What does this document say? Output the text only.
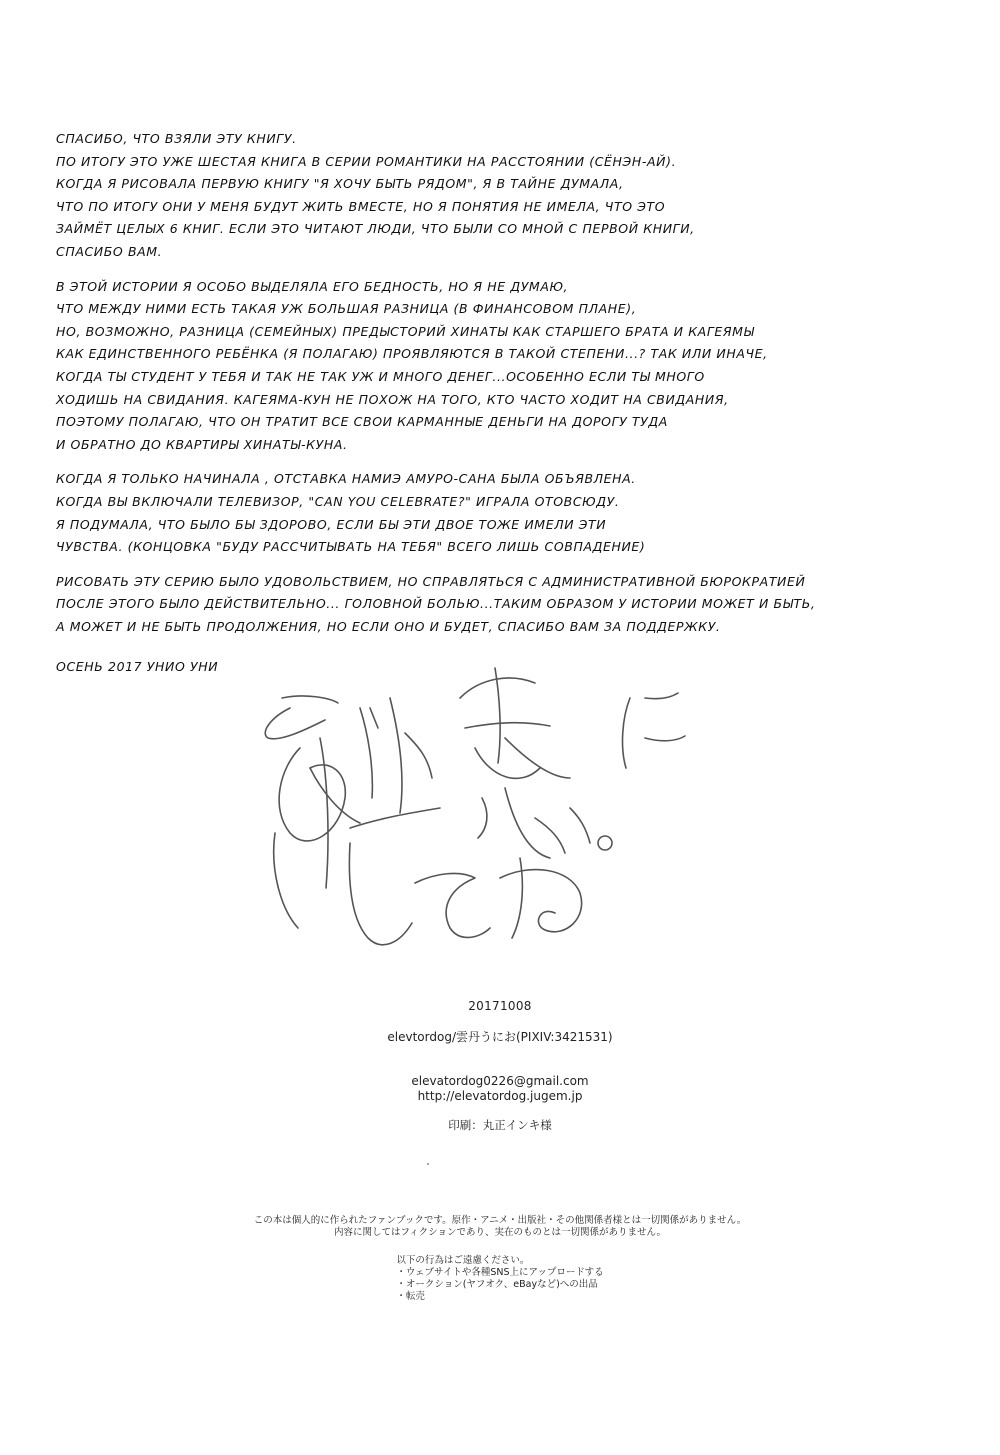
СПАСИБО, ЧТО ВЗЯЛИ ЭТУ КНИГУ.
ПО ИТОГУ ЭТО УЖЕ ШЕСТАЯ КНИГА В СЕРИИ РОМАНТИКИ НА РАССТОЯНИИ (СЁНЭН-АЙ).
КОГДА Я РИСОВАЛА ПЕРВУЮ КНИГУ "Я ХОЧУ БЫТЬ РЯДОМ", Я В ТАЙНЕ ДУМАЛА,
ЧТО ПО ИТОГУ ОНИ У МЕНЯ БУДУТ ЖИТЬ ВМЕСТЕ, НО Я ПОНЯТИЯ НЕ ИМЕЛА, ЧТО ЭТО
ЗАЙМЁТ ЦЕЛЫХ 6 КНИГ. ЕСЛИ ЭТО ЧИТАЮТ ЛЮДИ, ЧТО БЫЛИ СО МНОЙ С ПЕРВОЙ КНИГИ,
СПАСИБО ВАМ.
В ЭТОЙ ИСТОРИИ Я ОСОБО ВЫДЕЛЯЛА ЕГО БЕДНОСТЬ, НО Я НЕ ДУМАЮ,
ЧТО МЕЖДУ НИМИ ЕСТЬ ТАКАЯ УЖ БОЛЬШАЯ РАЗНИЦА (В ФИНАНСОВОМ ПЛАНЕ),
НО, ВОЗМОЖНО, РАЗНИЦА (СЕМЕЙНЫХ) ПРЕДЫСТОРИЙ ХИНАТЫ КАК СТАРШЕГО БРАТА И КАГЕЯМЫ
КАК ЕДИНСТВЕННОГО РЕБЁНКА (Я ПОЛАГАЮ) ПРОЯВЛЯЮТСЯ В ТАКОЙ СТЕПЕНИ...? ТАК ИЛИ ИНАЧЕ,
КОГДА ТЫ СТУДЕНТ У ТЕБЯ И ТАК НЕ ТАК УЖ И МНОГО ДЕНЕГ...ОСОБЕННО ЕСЛИ ТЫ МНОГО
ХОДИШЬ НА СВИДАНИЯ. КАГЕЯМА-КУН НЕ ПОХОЖ НА ТОГО, КТО ЧАСТО ХОДИТ НА СВИДАНИЯ,
ПОЭТОМУ ПОЛАГАЮ, ЧТО ОН ТРАТИТ ВСЕ СВОИ КАРМАННЫЕ ДЕНЬГИ НА ДОРОГУ ТУДА
И ОБРАТНО ДО КВАРТИРЫ ХИНАТЫ-КУНА.
КОГДА Я ТОЛЬКО НАЧИНАЛА , ОТСТАВКА НАМИЭ АМУРО-САНА БЫЛА ОБЪЯВЛЕНА.
КОГДА ВЫ ВКЛЮЧАЛИ ТЕЛЕВИЗОР, "CAN YOU CELEBRATE?" ИГРАЛА ОТОВСЮДУ.
Я ПОДУМАЛА, ЧТО БЫЛО БЫ ЗДОРОВО, ЕСЛИ БЫ ЭТИ ДВОЕ ТОЖЕ ИМЕЛИ ЭТИ
ЧУВСТВА. (КОНЦОВКА "БУДУ РАССЧИТЫВАТЬ НА ТЕБЯ" ВСЕГО ЛИШЬ СОВПАДЕНИЕ)
РИСОВАТЬ ЭТУ СЕРИЮ БЫЛО УДОВОЛЬСТВИЕМ, НО СПРАВЛЯТЬСЯ С АДМИНИСТРАТИВНОЙ БЮРОКРАТИЕЙ
ПОСЛЕ ЭТОГО БЫЛО ДЕЙСТВИТЕЛЬНО... ГОЛОВНОЙ БОЛЬЮ...ТАКИМ ОБРАЗОМ У ИСТОРИИ МОЖЕТ И БЫТЬ,
А МОЖЕТ И НЕ БЫТЬ ПРОДОЛЖЕНИЯ, НО ЕСЛИ ОНО И БУДЕТ, СПАСИБО ВАМ ЗА ПОДДЕРЖКУ.
ОСЕНЬ 2017 УНИО УНИ
20171008
elevtordog/雲丹うにお(PIXIV:3421531)
elevatordog0226@gmail.com
http://elevatordog.jugem.jp
印刷：丸正インキ様
この本は個人的に作られたファンブックです。原作・アニメ・出版社・その他関係者様とは一切関係がありません。
内容に関してはフィクションであり、実在のものとは一切関係がありません。
以下の行為はご遠慮ください。
・ウェブサイトや各種SNS上にアップロードする
・オークション(ヤフオク、eBayなど)への出品
・転売
